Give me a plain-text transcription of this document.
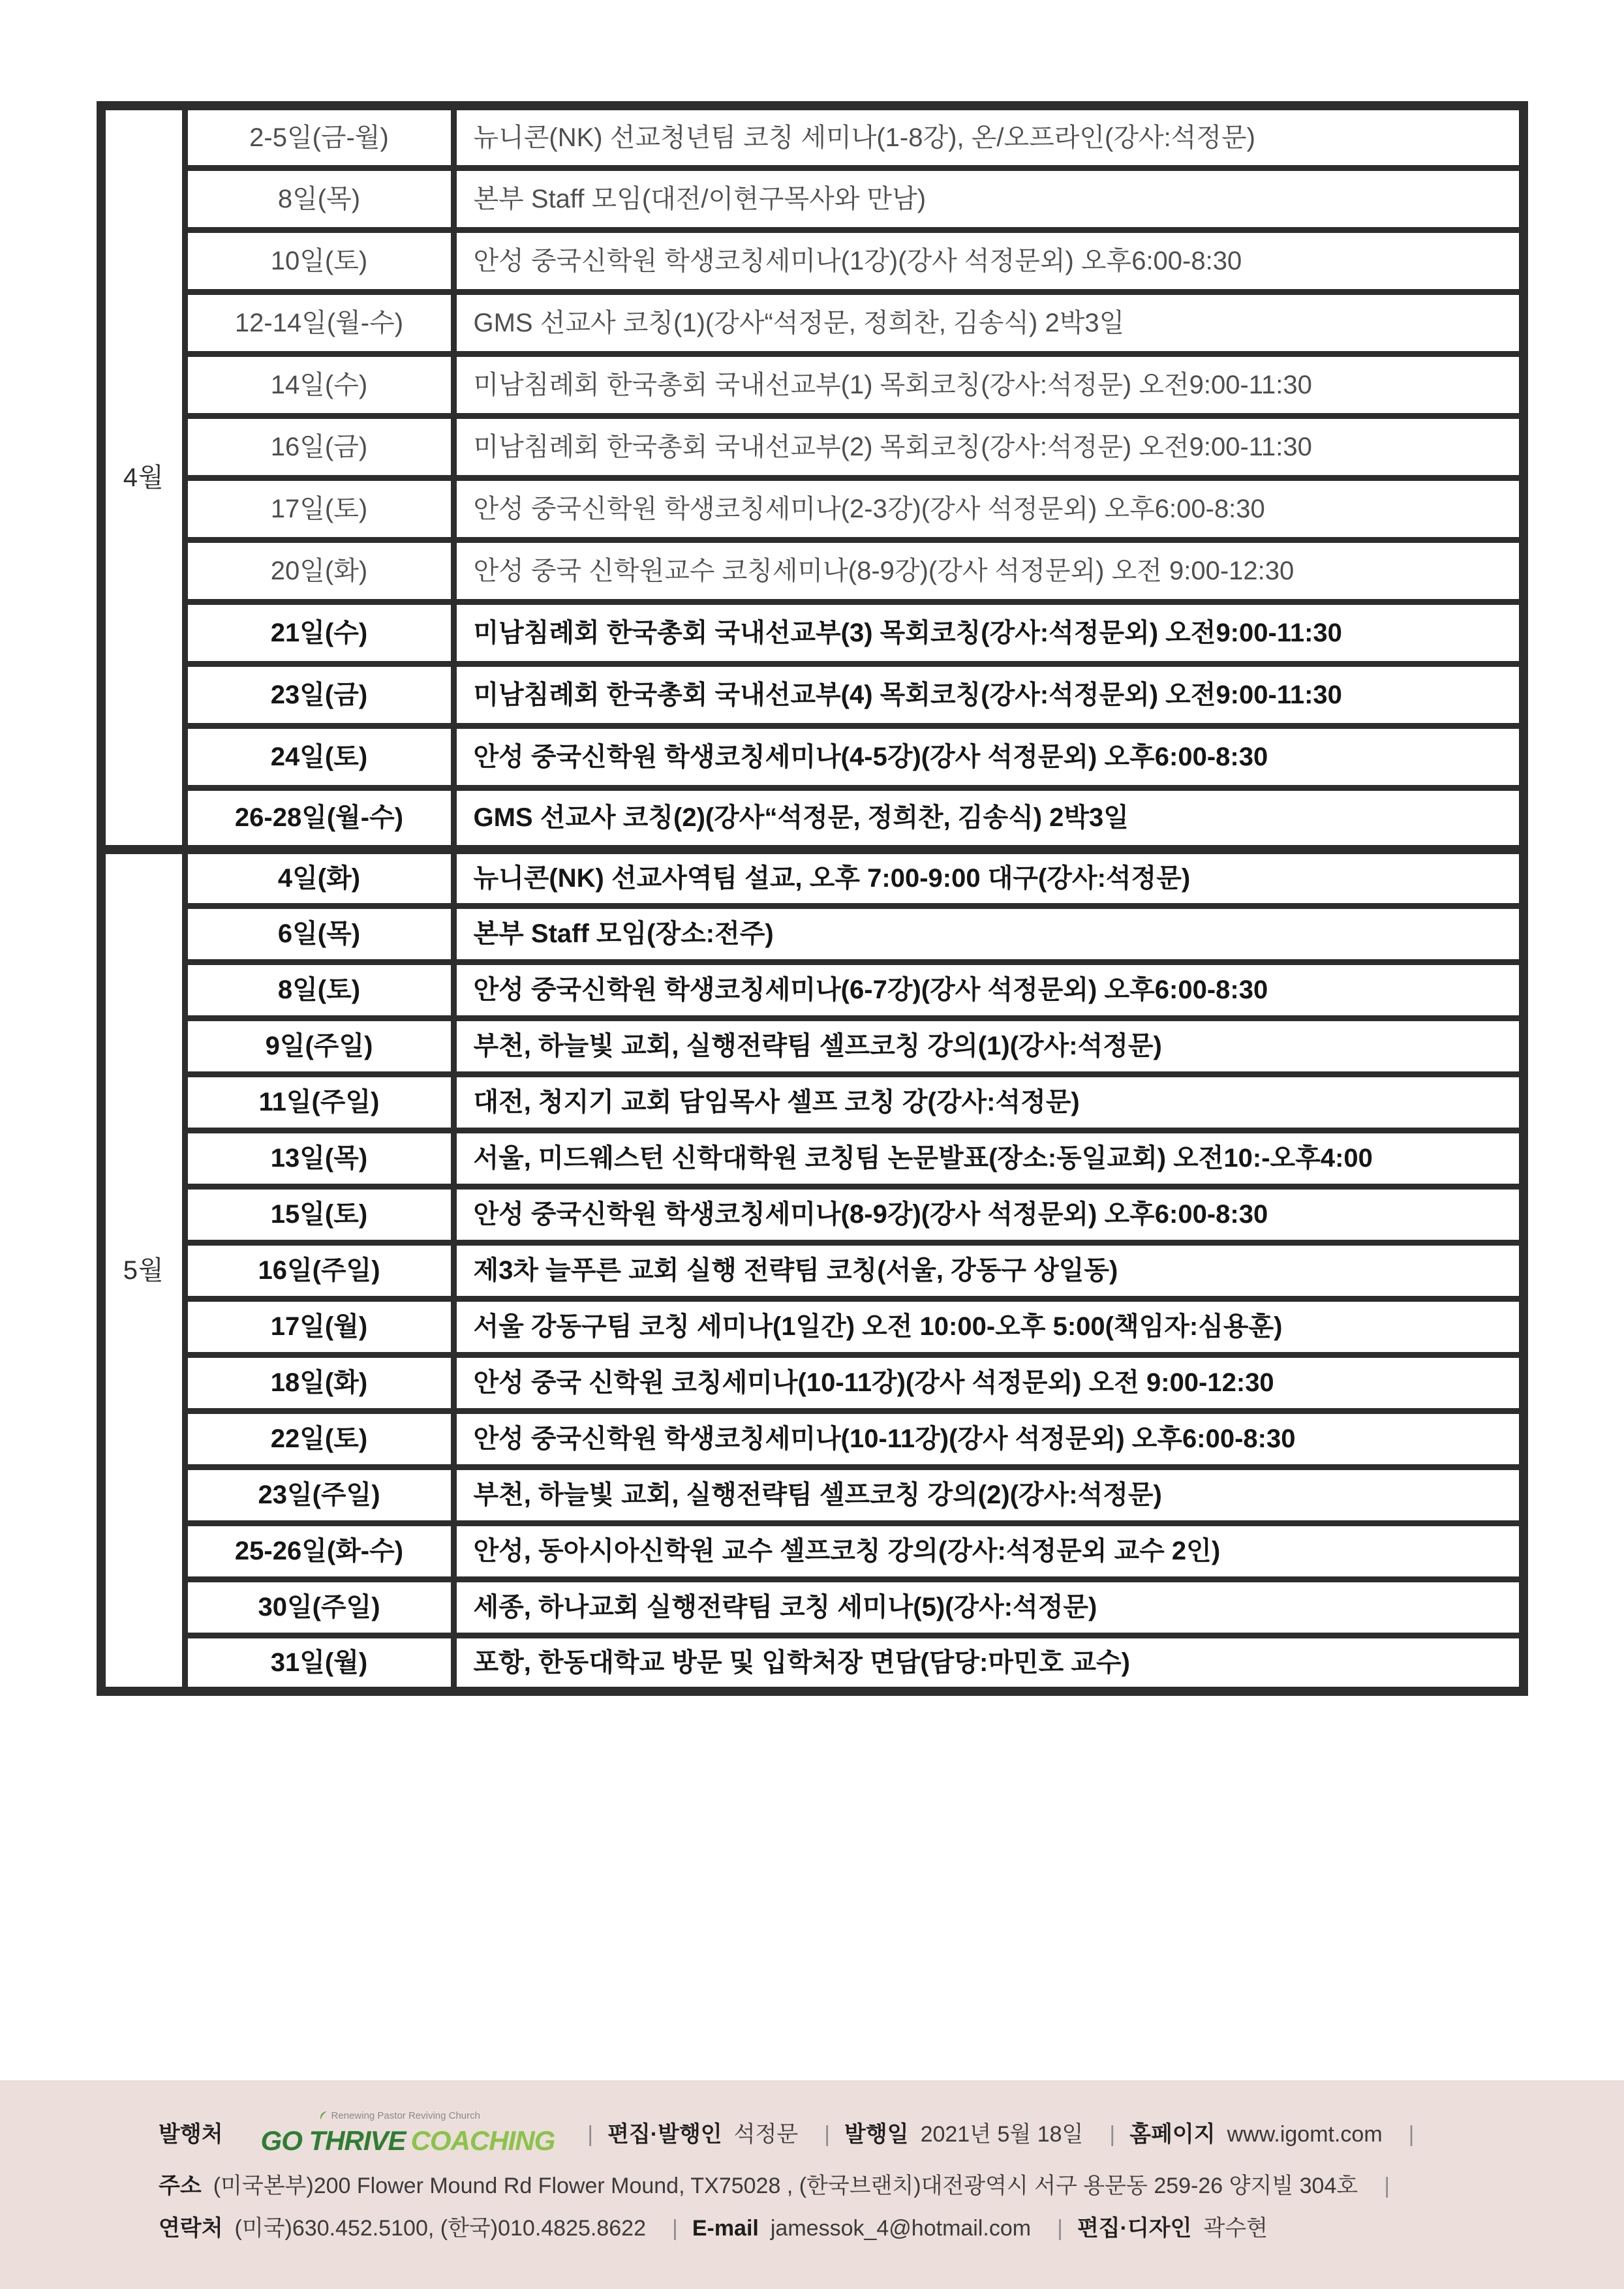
4월	2-5일(금-월)	뉴니콘(NK) 선교청년팀 코칭 세미나(1-8강), 온/오프라인(강사:석정문)
	8일(목)	본부 Staff 모임(대전/이현구목사와 만남)
	10일(토)	안성 중국신학원 학생코칭세미나(1강)(강사 석정문외) 오후6:00-8:30
	12-14일(월-수)	GMS 선교사 코칭(1)(강사“석정문, 정희찬, 김송식) 2박3일
	14일(수)	미남침례회 한국총회 국내선교부(1) 목회코칭(강사:석정문) 오전9:00-11:30
	16일(금)	미남침례회 한국총회 국내선교부(2) 목회코칭(강사:석정문) 오전9:00-11:30
	17일(토)	안성 중국신학원 학생코칭세미나(2-3강)(강사 석정문외) 오후6:00-8:30
	20일(화)	안성 중국 신학원교수 코칭세미나(8-9강)(강사 석정문외) 오전 9:00-12:30
	21일(수)	미남침례회 한국총회 국내선교부(3) 목회코칭(강사:석정문외) 오전9:00-11:30
	23일(금)	미남침례회 한국총회 국내선교부(4) 목회코칭(강사:석정문외) 오전9:00-11:30
	24일(토)	안성 중국신학원 학생코칭세미나(4-5강)(강사 석정문외) 오후6:00-8:30
	26-28일(월-수)	GMS 선교사 코칭(2)(강사“석정문, 정희찬, 김송식) 2박3일
5월	4일(화)	뉴니콘(NK) 선교사역팀 설교, 오후 7:00-9:00 대구(강사:석정문)
	6일(목)	본부 Staff 모임(장소:전주)
	8일(토)	안성 중국신학원 학생코칭세미나(6-7강)(강사 석정문외) 오후6:00-8:30
	9일(주일)	부천, 하늘빛 교회, 실행전략팀 셀프코칭 강의(1)(강사:석정문)
	11일(주일)	대전, 청지기 교회 담임목사 셀프 코칭 강(강사:석정문)
	13일(목)	서울, 미드웨스턴 신학대학원 코칭팀 논문발표(장소:동일교회) 오전10:-오후4:00
	15일(토)	안성 중국신학원 학생코칭세미나(8-9강)(강사 석정문외) 오후6:00-8:30
	16일(주일)	제3차 늘푸른 교회 실행 전략팀 코칭(서울, 강동구 상일동)
	17일(월)	서울 강동구팀 코칭 세미나(1일간) 오전 10:00-오후 5:00(책임자:심용훈)
	18일(화)	안성 중국 신학원 코칭세미나(10-11강)(강사 석정문외) 오전 9:00-12:30
	22일(토)	안성 중국신학원 학생코칭세미나(10-11강)(강사 석정문외) 오후6:00-8:30
	23일(주일)	부천, 하늘빛 교회, 실행전략팀 셀프코칭 강의(2)(강사:석정문)
	25-26일(화-수)	안성, 동아시아신학원 교수 셀프코칭 강의(강사:석정문외 교수 2인)
	30일(주일)	세종, 하나교회 실행전략팀 코칭 세미나(5)(강사:석정문)
	31일(월)	포항, 한동대학교 방문 및 입학처장 면담(담당:마민호 교수)
발행처
Renewing Pastor Reviving Church
GO THRIVE COACHING | 편집·발행인 석정문 | 발행일 2021년 5월 18일 | 홈페이지 www.igomt.com |
주소 (미국본부)200 Flower Mound Rd Flower Mound, TX75028 , (한국브랜치)대전광역시 서구 용문동 259-26 양지빌 304호 |
연락처 (미국)630.452.5100, (한국)010.4825.8622 | E-mail jamessok_4@hotmail.com | 편집·디자인 곽수현
